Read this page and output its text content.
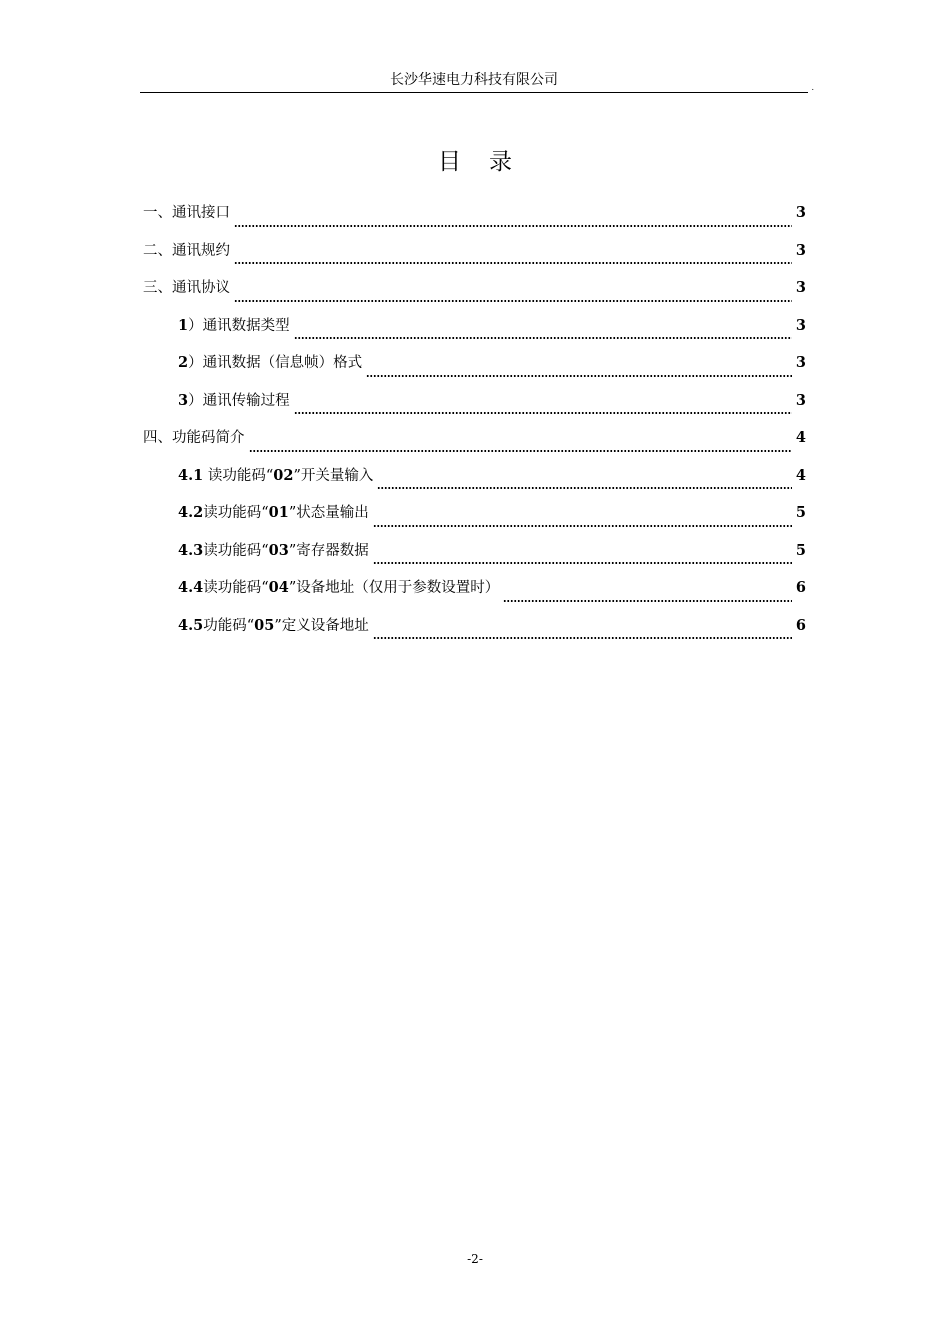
长沙华速电力科技有限公司	.
目录
一、通讯接口	3
二、通讯规约	3
三、通讯协议	3
1 ）通讯数据类型	3
2 ）通讯数据（信息帧）格式	3
3 ）通讯传输过程	3
四、功能码简介	4
4.1 读功能码“ 02 ”开关量输入	4
4.2 读功能码“ 01 ”状态量输出	5
4.3 读功能码“ 03 ”寄存器数据	5
4.4 读功能码“ 04 ”设备地址（仅用于参数设置时）	6
4.5 功能码“ 05 ”定义设备地址	6
-2-
